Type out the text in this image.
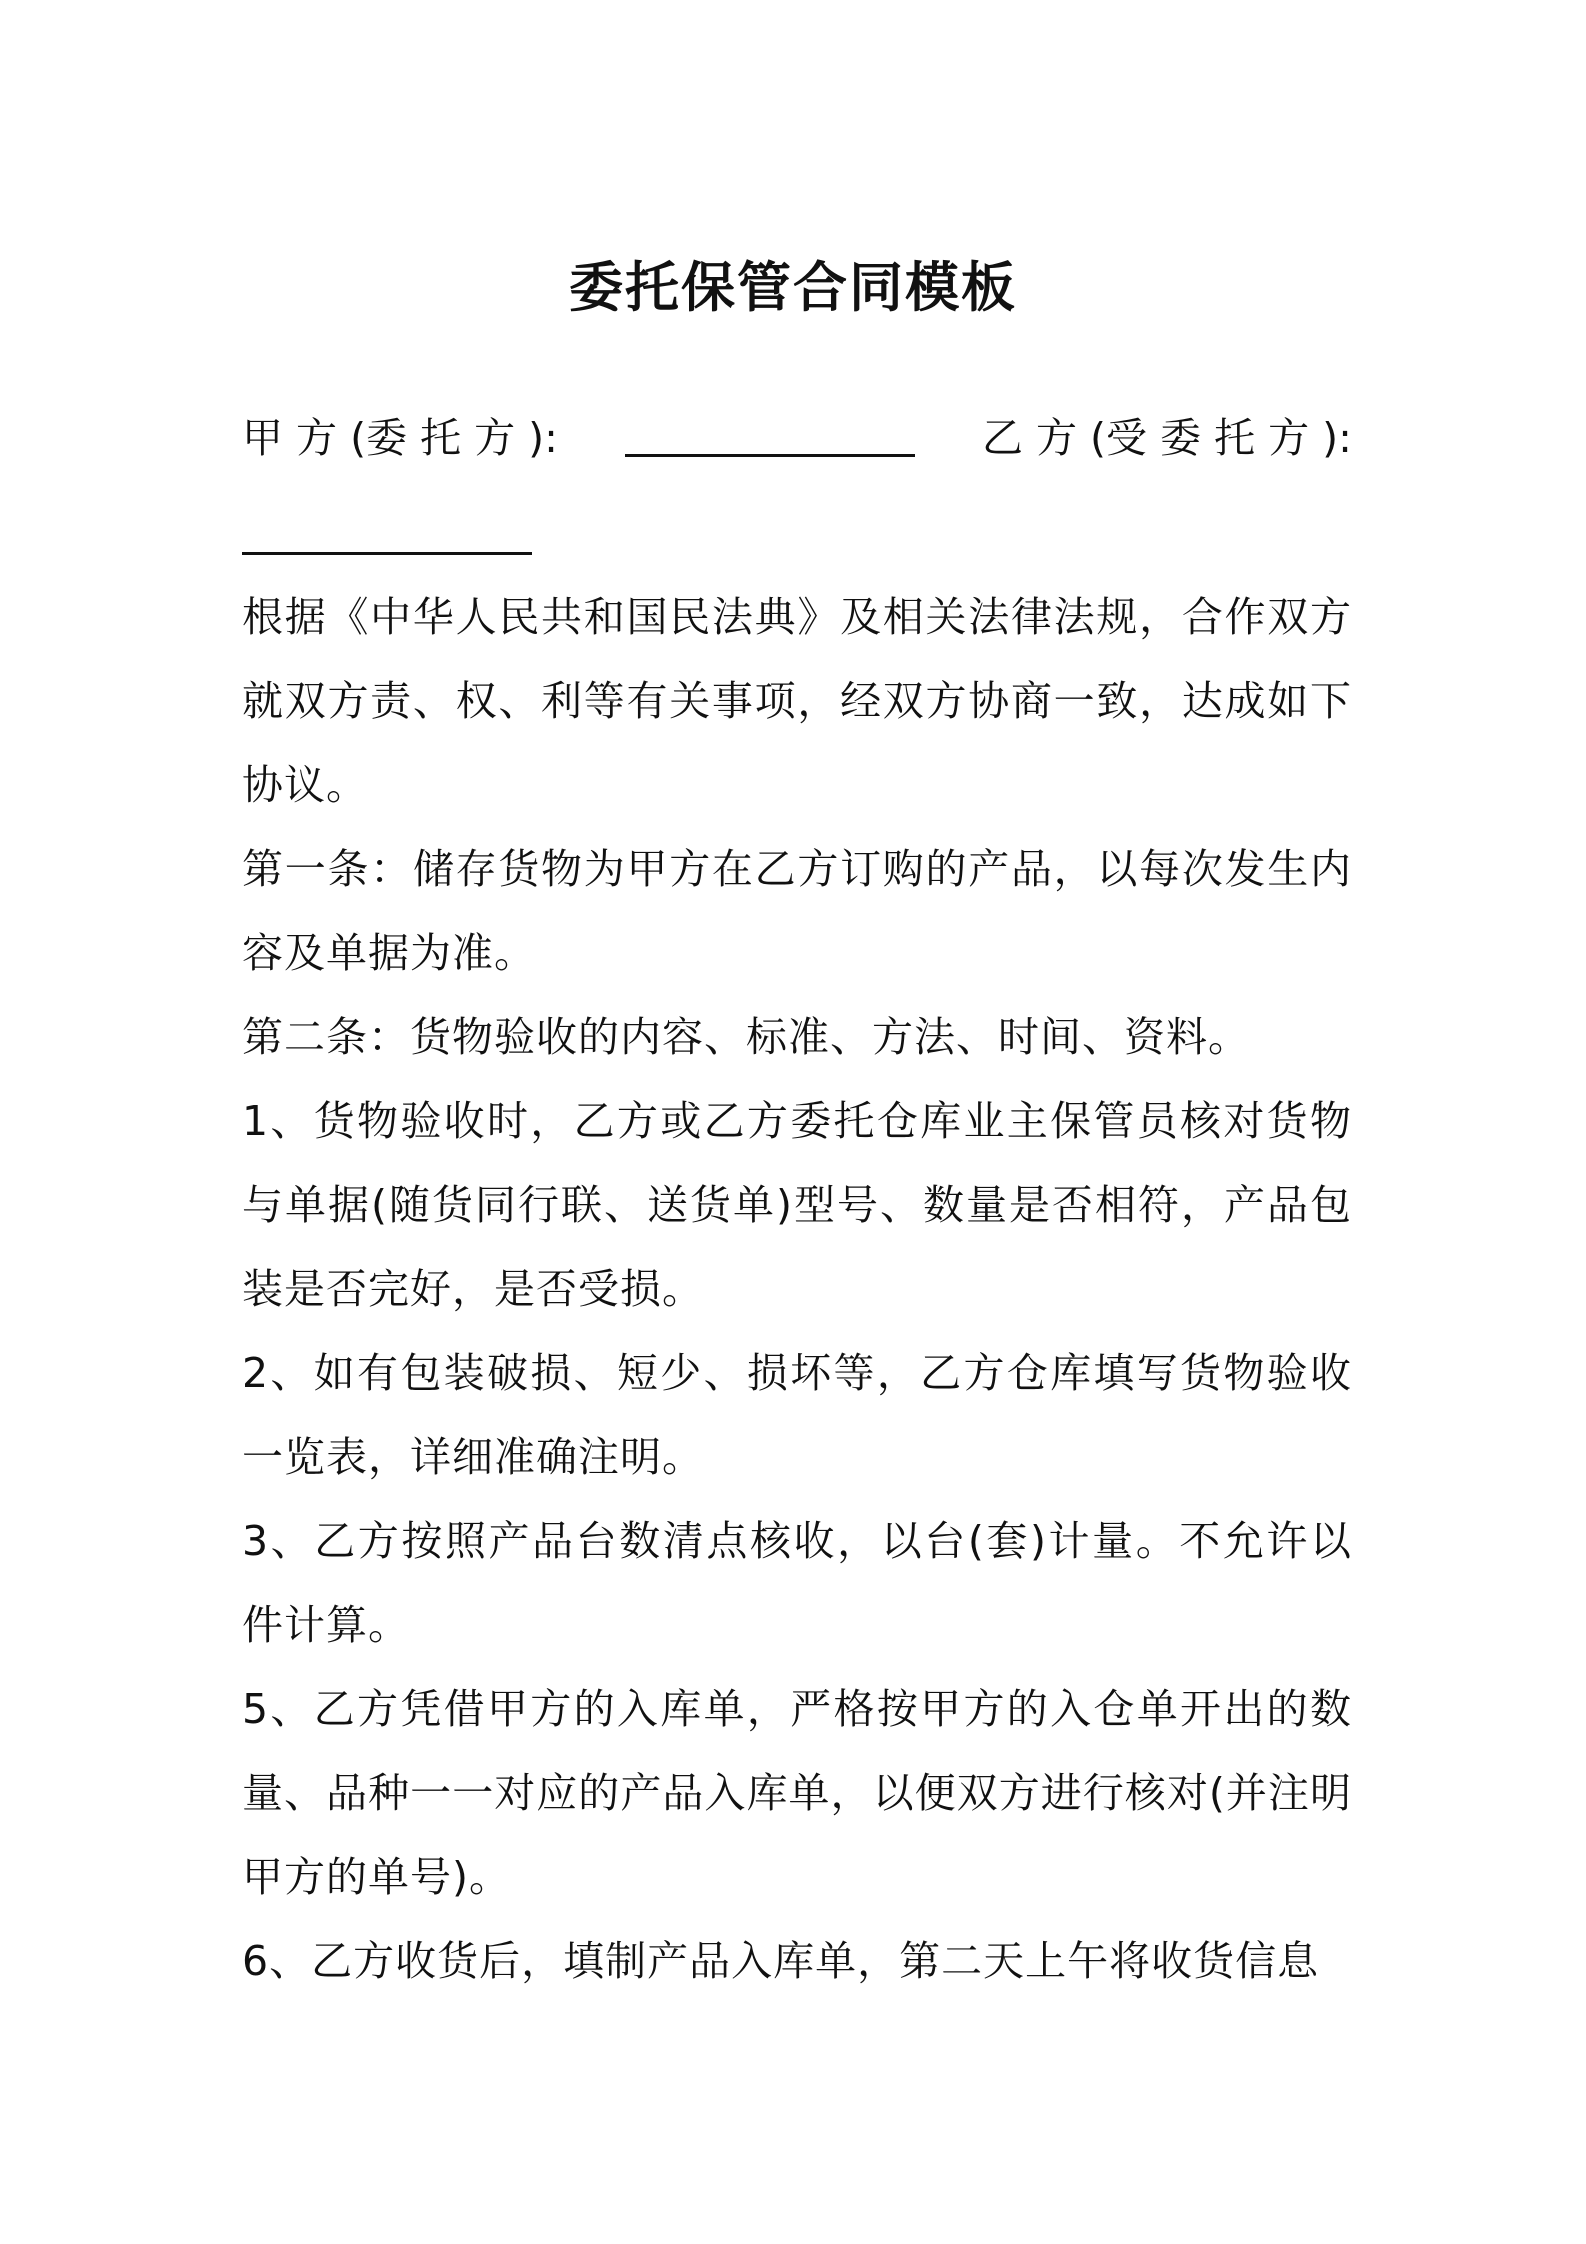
委托保管合同模板
甲 方 (委 托 方 ):	乙 方 (受 委 托 方 ):

根据《中华人民共和国民法典》及相关法律法规，合作双方就双方责、权、利等有关事项，经双方协商一致，达成如下协议。

第一条：储存货物为甲方在乙方订购的产品，以每次发生内容及单据为准。

第二条：货物验收的内容、标准、方法、时间、资料。

1、货物验收时，乙方或乙方委托仓库业主保管员核对货物与单据(随货同行联、送货单)型号、数量是否相符，产品包装是否完好，是否受损。

2、如有包装破损、短少、损坏等，乙方仓库填写货物验收一览表，详细准确注明。

3、乙方按照产品台数清点核收，以台(套)计量。不允许以件计算。

5、乙方凭借甲方的入库单，严格按甲方的入仓单开出的数量、品种一一对应的产品入库单，以便双方进行核对(并注明甲方的单号)。

6、乙方收货后，填制产品入库单，第二天上午将收货信息
